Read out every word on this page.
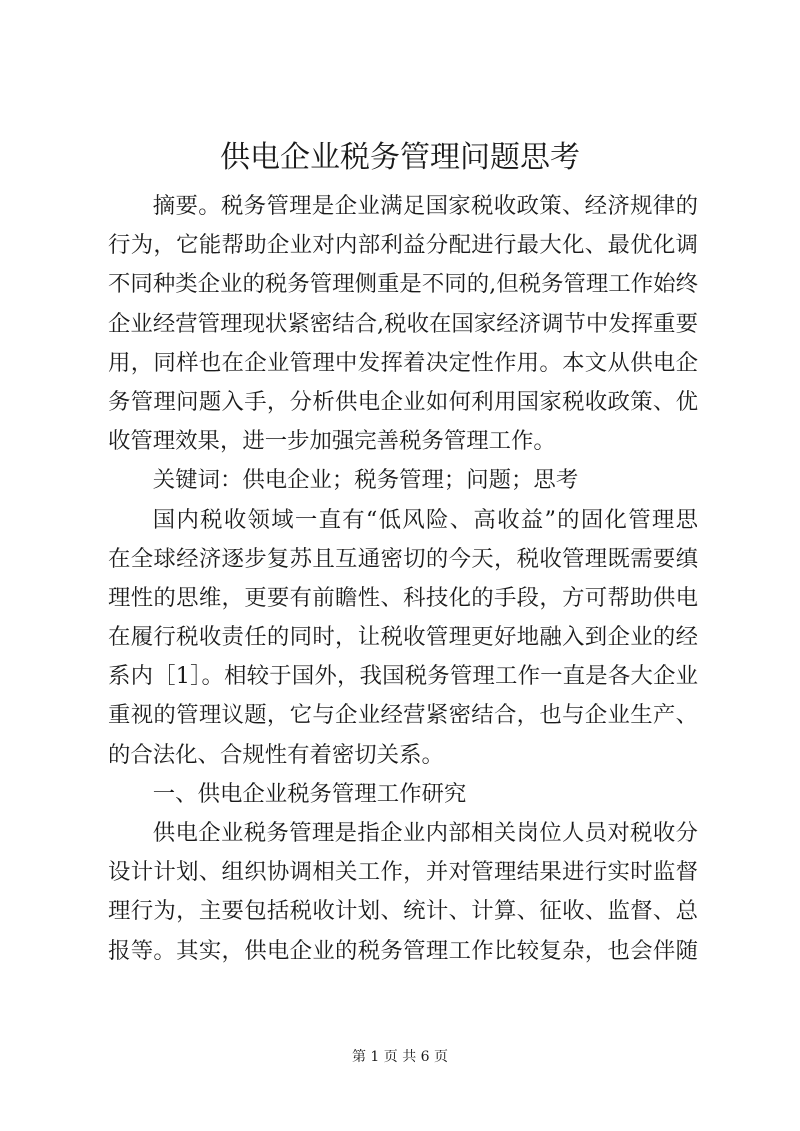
供电企业税务管理问题思考
摘要。税务管理是企业满足国家税收政策、经济规律的
行为，它能帮助企业对内部利益分配进行最大化、最优化调
不同种类企业的税务管理侧重是不同的,但税务管理工作始终
企业经营管理现状紧密结合,税收在国家经济调节中发挥重要
用，同样也在企业管理中发挥着决定性作用。本文从供电企
务管理问题入手，分析供电企业如何利用国家税收政策、优
收管理效果，进一步加强完善税务管理工作。
关键词：供电企业；税务管理；问题；思考
国内税收领域一直有“低风险、高收益”的固化管理思
在全球经济逐步复苏且互通密切的今天，税收管理既需要缜
理性的思维，更要有前瞻性、科技化的手段，方可帮助供电
在履行税收责任的同时，让税收管理更好地融入到企业的经
系内［1］。相较于国外，我国税务管理工作一直是各大企业
重视的管理议题，它与企业经营紧密结合，也与企业生产、
的合法化、合规性有着密切关系。
一、供电企业税务管理工作研究
供电企业税务管理是指企业内部相关岗位人员对税收分
设计计划、组织协调相关工作，并对管理结果进行实时监督
理行为，主要包括税收计划、统计、计算、征收、监督、总
报等。其实，供电企业的税务管理工作比较复杂，也会伴随
第 1 页 共 6 页
